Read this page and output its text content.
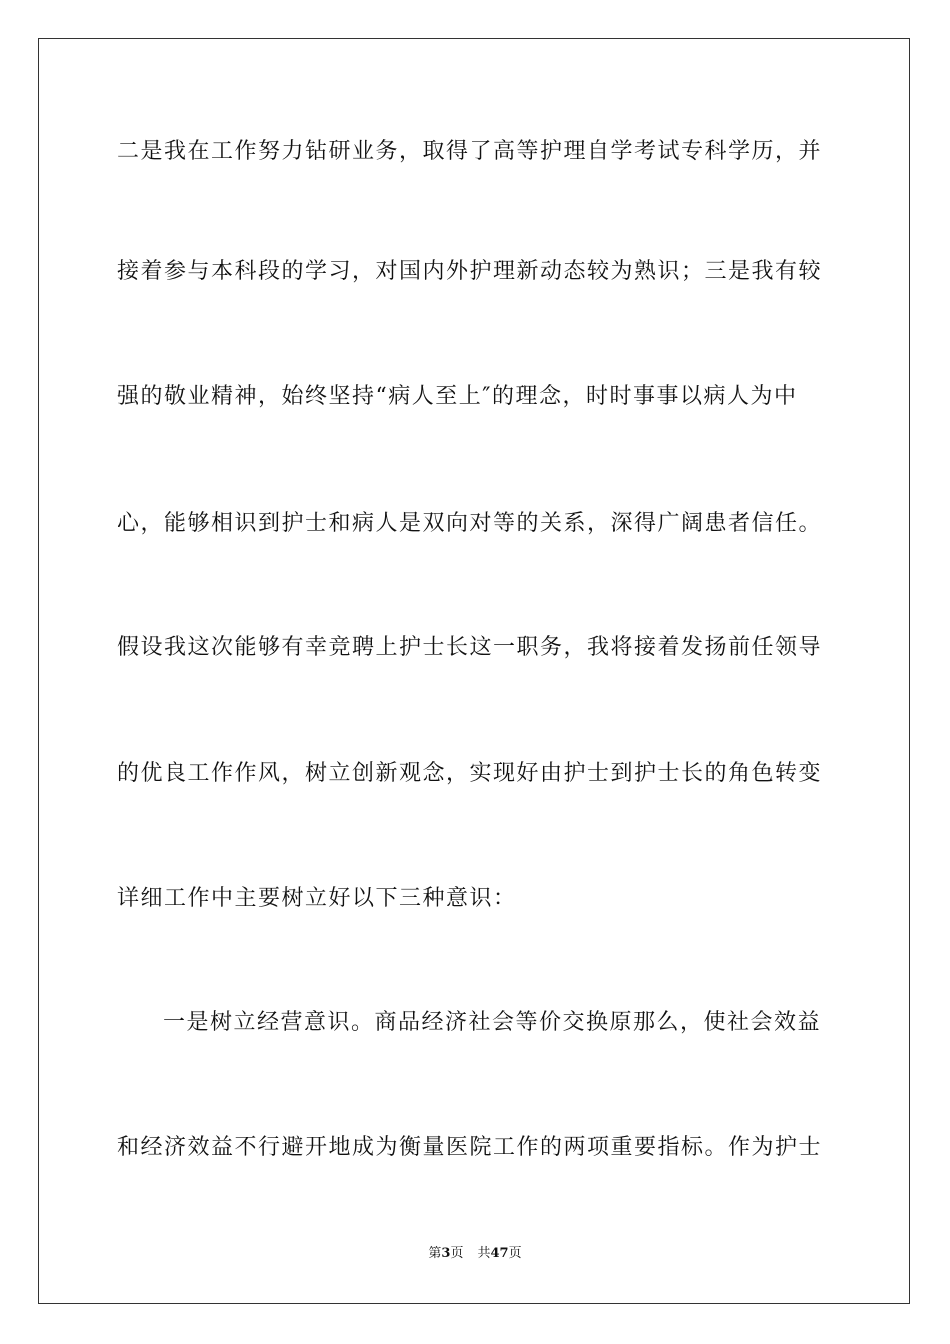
二是我在工作努力钻研业务，取得了高等护理自学考试专科学历，并
接着参与本科段的学习，对国内外护理新动态较为熟识；三是我有较
强的敬业精神，始终坚持“病人至上″的理念，时时事事以病人为中
心，能够相识到护士和病人是双向对等的关系，深得广阔患者信任。
假设我这次能够有幸竞聘上护士长这一职务，我将接着发扬前任领导
的优良工作作风，树立创新观念，实现好由护士到护士长的角色转变
详细工作中主要树立好以下三种意识：
一是树立经营意识。商品经济社会等价交换原那么，使社会效益
和经济效益不行避开地成为衡量医院工作的两项重要指标。作为护士
第3页 共47页
